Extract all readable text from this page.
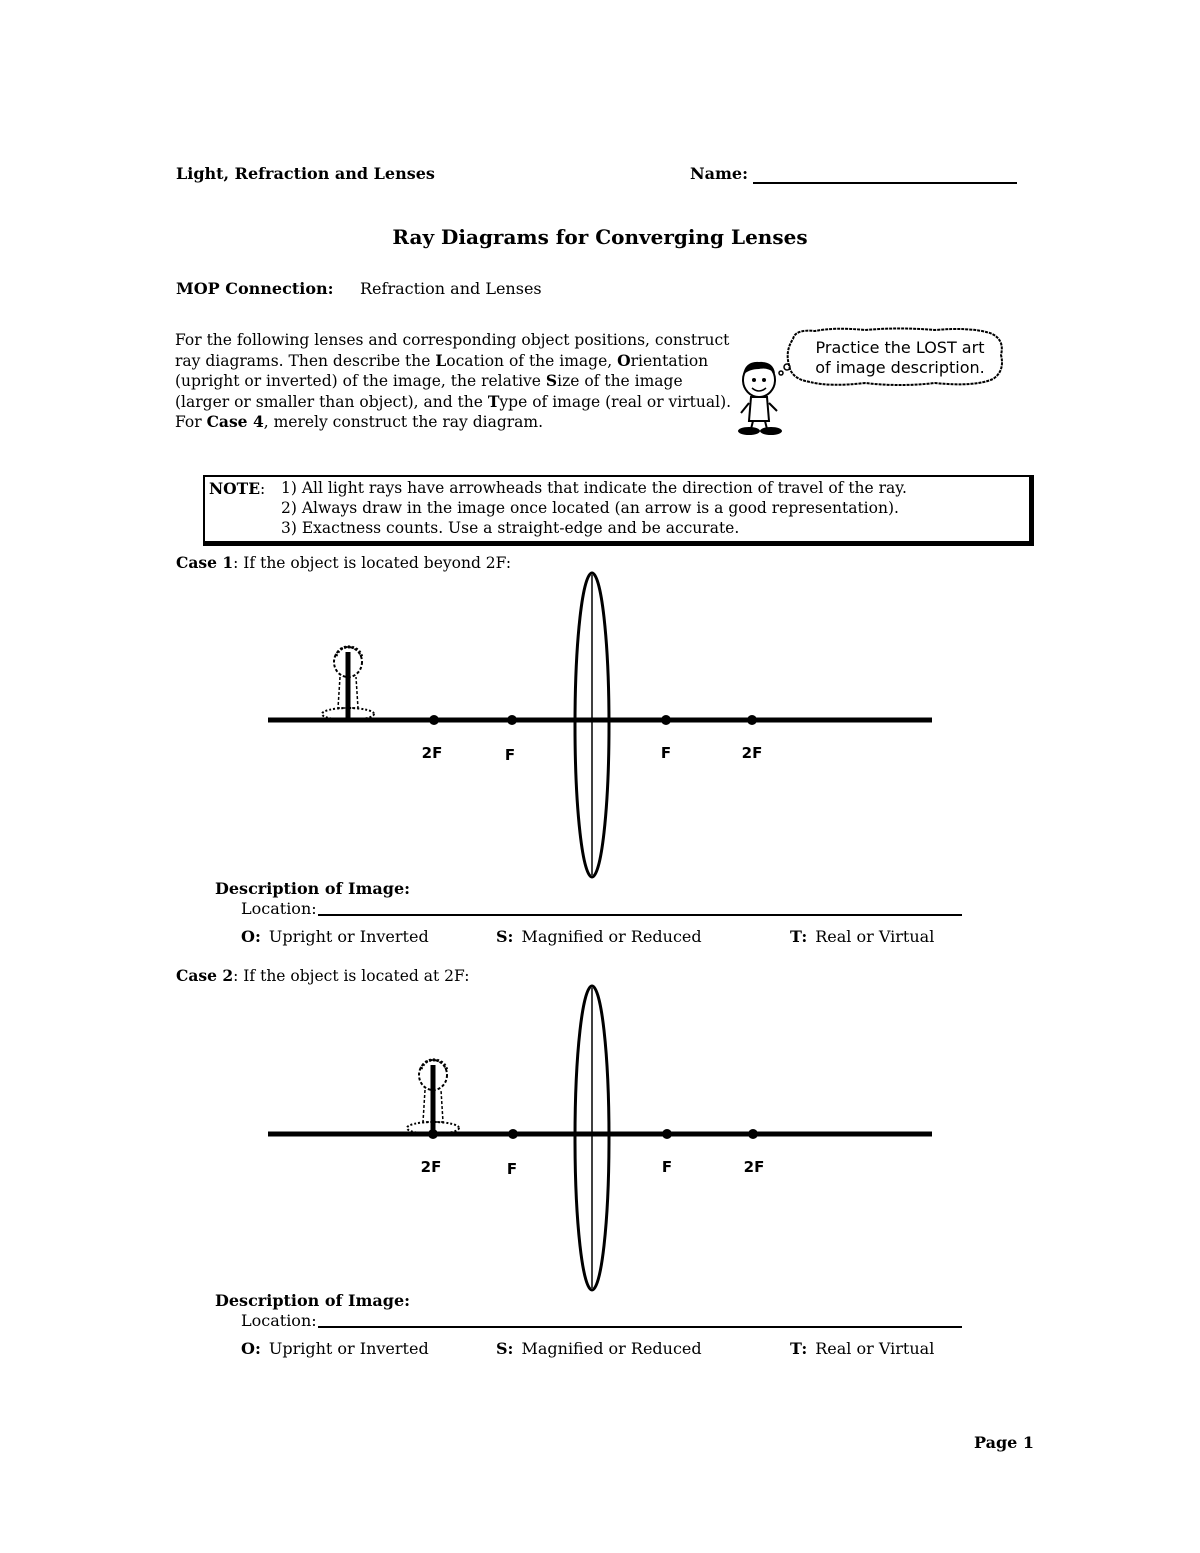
Light, Refraction and Lenses	Name:
Ray Diagrams for Converging Lenses
MOP Connection: Refraction and Lenses
For the following lenses and corresponding object positions, construct ray diagrams. Then describe the Location of the image, Orientation (upright or inverted) of the image, the relative Size of the image (larger or smaller than object), and the Type of image (real or virtual). For Case 4, merely construct the ray diagram.
Practice the LOST art
of image description.
NOTE: 1) All light rays have arrowheads that indicate the direction of travel of the ray.
2) Always draw in the image once located (an arrow is a good representation).
3) Exactness counts. Use a straight-edge and be accurate.
Case 1: If the object is located beyond 2F:
2F	F	F	2F
Description of Image:
Location:
O: Upright or Inverted	S: Magnified or Reduced	T: Real or Virtual
Case 2: If the object is located at 2F:
2F	F	F	2F
Description of Image:
Location:
O: Upright or Inverted	S: Magnified or Reduced	T: Real or Virtual
Page 1
